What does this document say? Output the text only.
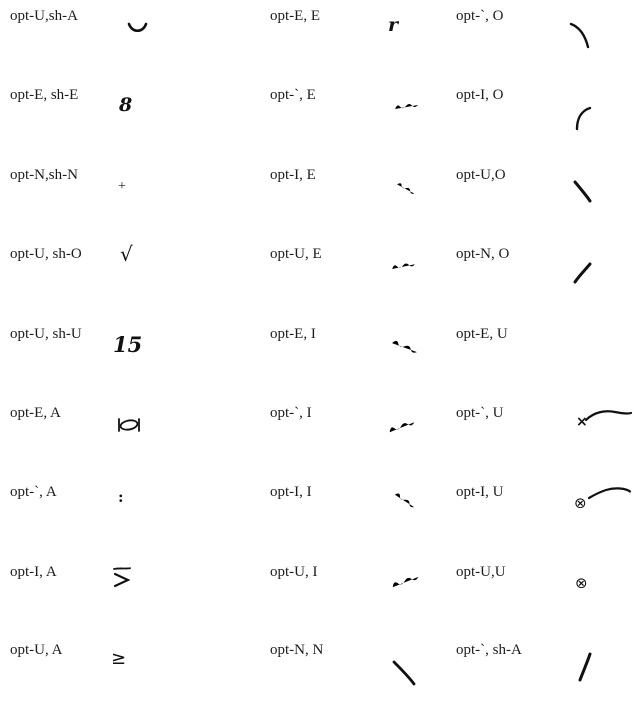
opt-U,sh-A
opt-E, sh-E
opt-N,sh-N
opt-U, sh-O
opt-U, sh-U
opt-E, A
opt-`, A
opt-I, A
opt-U, A
8
+
√
15
:
≥
opt-E, E
opt-`, E
opt-I, E
opt-U, E
opt-E, I
opt-`, I
opt-I, I
opt-U, I
opt-N, N
r	opt-`, O
opt-I, O
opt-U,O
opt-N, O
opt-E, U
opt-`, U
opt-I, U
opt-U,U
opt-`, sh-A
×
⊗
⊗
